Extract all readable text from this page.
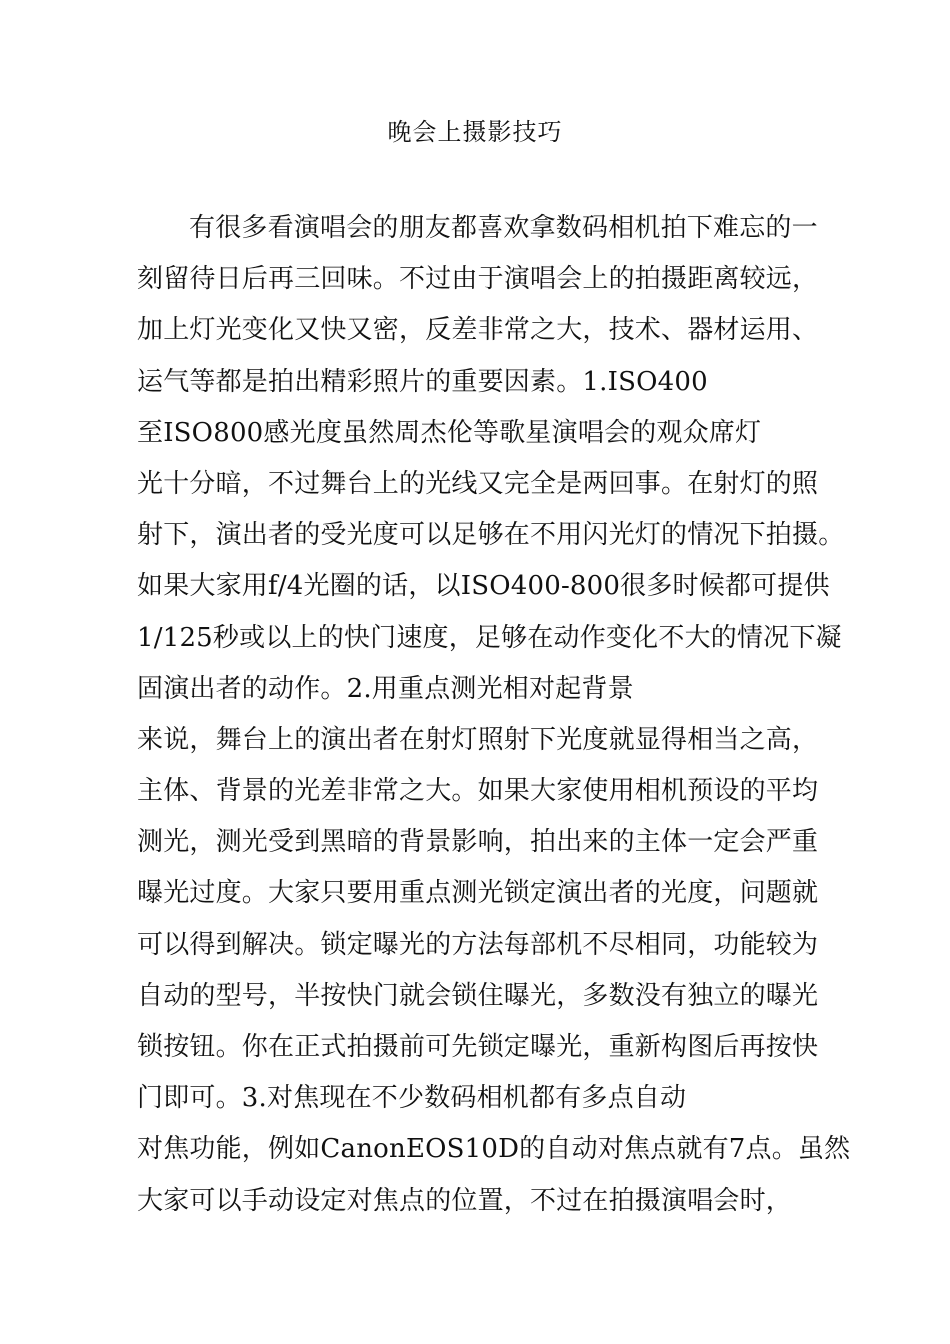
晚会上摄影技巧
有很多看演唱会的朋友都喜欢拿数码相机拍下难忘的一
刻留待日后再三回味。不过由于演唱会上的拍摄距离较远，
加上灯光变化又快又密，反差非常之大，技术、器材运用、
运气等都是拍出精彩照片的重要因素。1.ISO400
至ISO800感光度虽然周杰伦等歌星演唱会的观众席灯
光十分暗，不过舞台上的光线又完全是两回事。在射灯的照
射下，演出者的受光度可以足够在不用闪光灯的情况下拍摄。
如果大家用f/4光圈的话，以ISO400-800很多时候都可提供
1/125秒或以上的快门速度，足够在动作变化不大的情况下凝
固演出者的动作。2.用重点测光相对起背景
来说，舞台上的演出者在射灯照射下光度就显得相当之高，
主体、背景的光差非常之大。如果大家使用相机预设的平均
测光，测光受到黑暗的背景影响，拍出来的主体一定会严重
曝光过度。大家只要用重点测光锁定演出者的光度，问题就
可以得到解决。锁定曝光的方法每部机不尽相同，功能较为
自动的型号，半按快门就会锁住曝光，多数没有独立的曝光
锁按钮。你在正式拍摄前可先锁定曝光，重新构图后再按快
门即可。3.对焦现在不少数码相机都有多点自动
对焦功能，例如CanonEOS10D的自动对焦点就有7点。虽然
大家可以手动设定对焦点的位置，不过在拍摄演唱会时，
